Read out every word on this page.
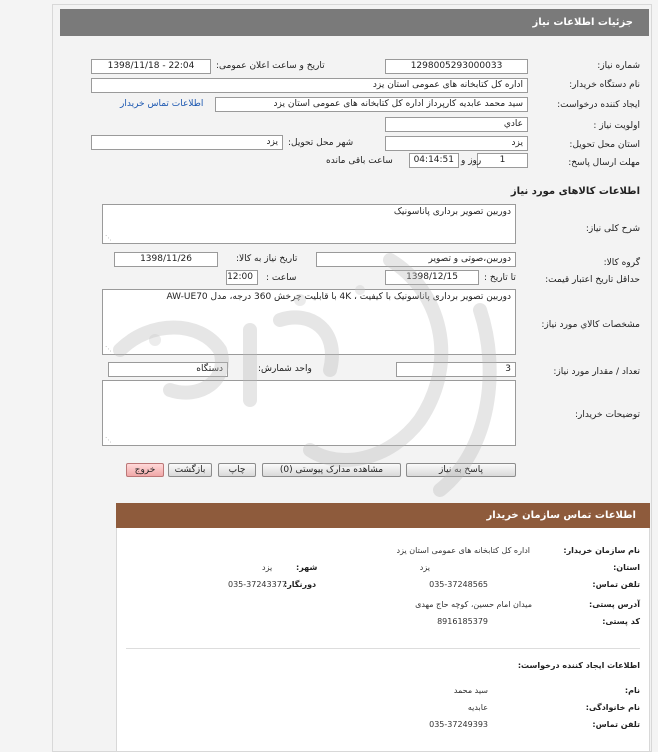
جزئیات اطلاعات نیاز
شماره نیاز:
1298005293000033
تاریخ و ساعت اعلان عمومی:
1398/11/18 - 22:04
نام دستگاه خریدار:
اداره کل کتابخانه های عمومی استان یزد
ایجاد کننده درخواست:
سید محمد عابدیه کارپرداز اداره کل کتابخانه های عمومی استان یزد
اطلاعات تماس خریدار
اولویت نیاز :
عادي
استان محل تحویل:
یزد
شهر محل تحویل:
یزد
مهلت ارسال پاسخ:
1
روز و
04:14:51
ساعت باقی مانده
اطلاعات کالاهای مورد نیاز
شرح کلی نیاز:
دوربین تصویر برداری پاناسونیک
⋰
گروه کالا:
دوربین،صوتی و تصویر
تاریخ نیاز به کالا:
1398/11/26
حداقل تاریخ اعتبار قیمت:
تا تاریخ :
1398/12/15
ساعت :
12:00
مشخصات کالاي مورد نیاز:
دوربین تصویر برداری پاناسونیک با کیفیت ، 4K با قابلیت چرخش 360 درجه، مدل AW-UE70
⋰
تعداد / مقدار مورد نیاز:
3
واحد شمارش:
دستگاه
توضیحات خریدار:
⋰
پاسخ به نیاز
مشاهده مدارک پیوستی (0)
چاپ
بازگشت
خروج
اطلاعات تماس سازمان خریدار
نام سازمان خریدار:
اداره کل کتابخانه های عمومی استان یزد
استان:
یزد
شهر:
یزد
تلفن تماس:
035-37248565
دورنگار:
035-37243377
آدرس پستی:
میدان امام حسین، کوچه حاج مهدی
کد پستی:
8916185379
اطلاعات ایجاد کننده درخواست:
نام:
سید محمد
نام خانوادگی:
عابدیه
تلفن تماس:
035-37249393
